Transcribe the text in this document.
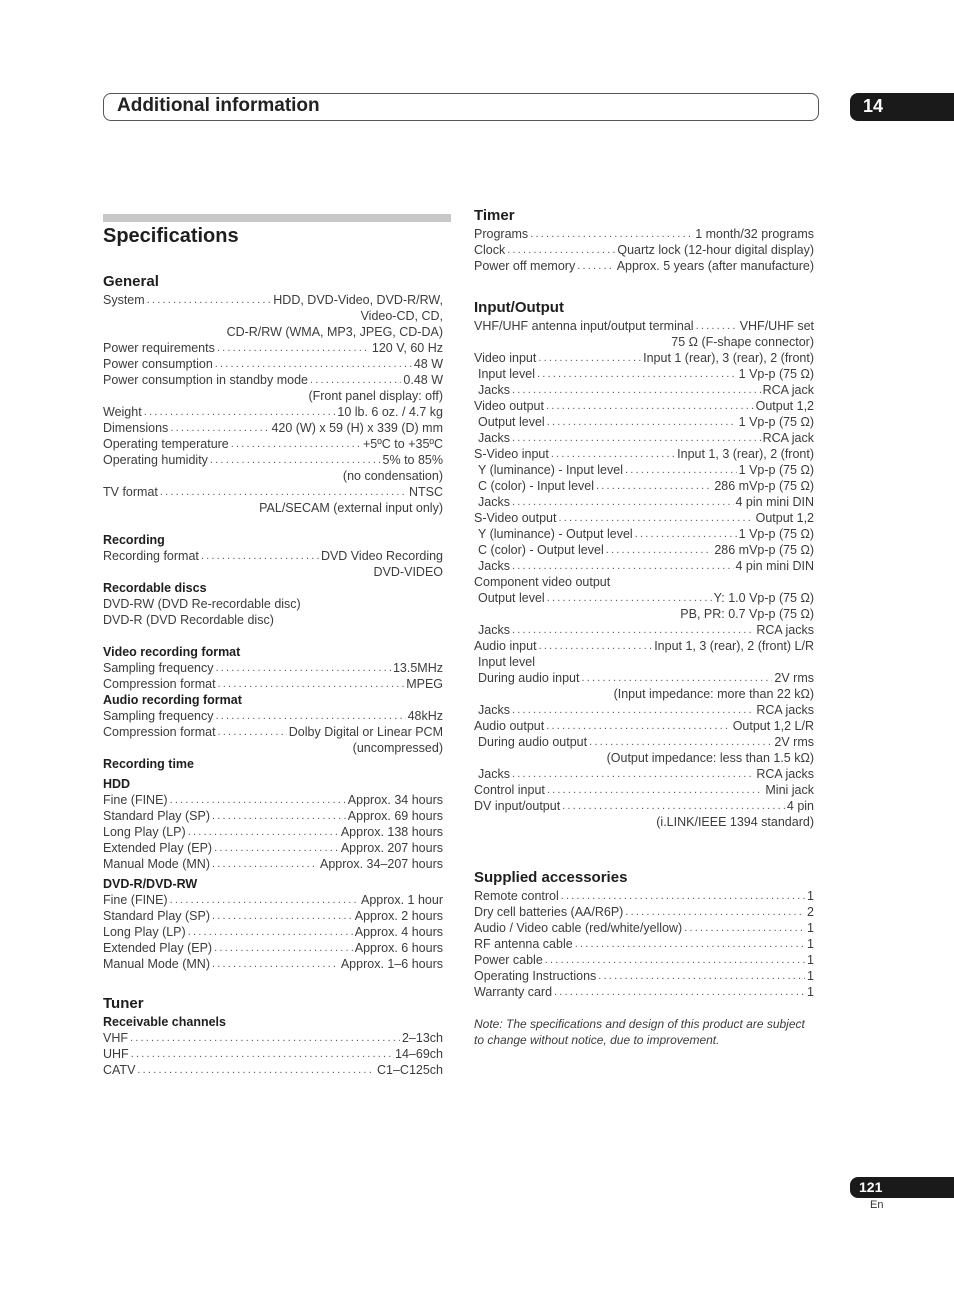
Additional information	14
Specifications
General
System .....	HDD, DVD-Video, DVD-R/RW,
Video-CD, CD,
CD-R/RW (WMA, MP3, JPEG, CD-DA)
Power requirements .....	120 V, 60 Hz
Power consumption .....	48 W
Power consumption in standby mode .....	0.48 W
(Front panel display: off)
Weight .....	10 lb. 6 oz. / 4.7 kg
Dimensions .....	420 (W) x 59 (H) x 339 (D) mm
Operating temperature .....	+5ºC to +35ºC
Operating humidity .....	5% to 85%
(no condensation)
TV format .....	NTSC
PAL/SECAM (external input only)
Recording
Recording format .....	DVD Video Recording
DVD-VIDEO
Recordable discs
DVD-RW (DVD Re-recordable disc)
DVD-R (DVD Recordable disc)
Video recording format
Sampling frequency .....	13.5MHz
Compression format .....	MPEG
Audio recording format
Sampling frequency .....	48kHz
Compression format .....	Dolby Digital or Linear PCM
(uncompressed)
Recording time
HDD
Fine (FINE) .....	Approx. 34 hours
Standard Play (SP) .....	Approx. 69 hours
Long Play (LP) .....	Approx. 138 hours
Extended Play (EP) .....	Approx. 207 hours
Manual Mode (MN) .....	Approx. 34–207 hours
DVD-R/DVD-RW
Fine (FINE) .....	Approx. 1 hour
Standard Play (SP) .....	Approx. 2 hours
Long Play (LP) .....	Approx. 4 hours
Extended Play (EP) .....	Approx. 6 hours
Manual Mode (MN) .....	Approx. 1–6 hours
Tuner
Receivable channels
VHF .....	2–13ch
UHF .....	14–69ch
CATV .....	C1–C125ch
Timer
Programs .....	1 month/32 programs
Clock .....	Quartz lock (12-hour digital display)
Power off memory .....	Approx. 5 years (after manufacture)
Input/Output
VHF/UHF antenna input/output terminal .....	VHF/UHF set
75 Ω (F-shape connector)
Video input .....	Input 1 (rear), 3 (rear), 2 (front)
Input level .....	1 Vp-p (75 Ω)
Jacks .....	RCA jack
Video output .....	Output 1,2
Output level .....	1 Vp-p (75 Ω)
Jacks .....	RCA jack
S-Video input .....	Input 1, 3 (rear), 2 (front)
Y (luminance) - Input level .....	1 Vp-p (75 Ω)
C (color) - Input level .....	286 mVp-p (75 Ω)
Jacks .....	4 pin mini DIN
S-Video output .....	Output 1,2
Y (luminance) - Output level .....	1 Vp-p (75 Ω)
C (color) - Output level .....	286 mVp-p (75 Ω)
Jacks .....	4 pin mini DIN
Component video output
Output level .....	Y: 1.0 Vp-p (75 Ω)
PB, PR: 0.7 Vp-p (75 Ω)
Jacks .....	RCA jacks
Audio input .....	Input 1, 3 (rear), 2 (front) L/R
Input level
During audio input .....	2V rms
(Input impedance: more than 22 kΩ)
Jacks .....	RCA jacks
Audio output .....	Output 1,2 L/R
During audio output .....	2V rms
(Output impedance: less than 1.5 kΩ)
Jacks .....	RCA jacks
Control input .....	Mini jack
DV input/output .....	4 pin
(i.LINK/IEEE 1394 standard)
Supplied accessories
Remote control .....	1
Dry cell batteries (AA/R6P) .....	2
Audio / Video cable (red/white/yellow) .....	1
RF antenna cable .....	1
Power cable .....	1
Operating Instructions .....	1
Warranty card .....	1
Note: The specifications and design of this product are subject
to change without notice, due to improvement.
121
En
